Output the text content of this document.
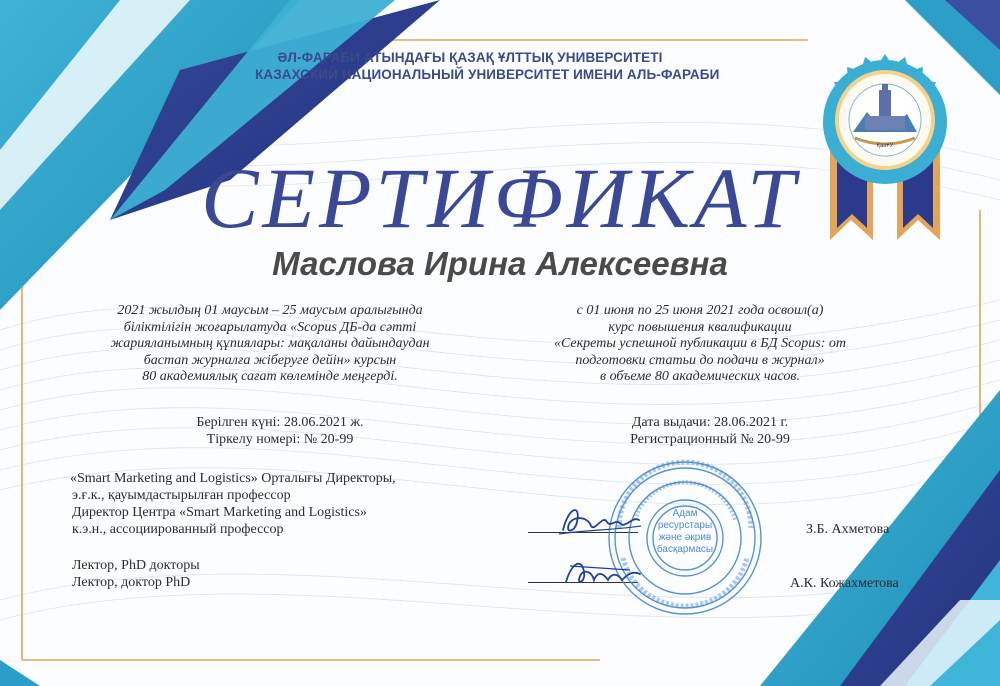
ҚазҰУ
ӘЛ-ФАРАБИ АТЫНДАҒЫ ҚАЗАҚ ҰЛТТЫҚ УНИВЕРСИТЕТІ
КАЗАХСКИЙ НАЦИОНАЛЬНЫЙ УНИВЕРСИТЕТ ИМЕНИ АЛЬ-ФАРАБИ
СЕРТИФИКАТ
Маслова Ирина Алексеевна
2021 жылдың 01 маусым – 25 маусым аралығында
біліктілігін жоғарылатуда «Scopus ДБ-да сәтті
жарияланымның құпиялары: мақаланы дайындаудан
бастап журналға жіберуге дейін» курсын
80 академиялық сағат көлемінде меңгерді.
с 01 июня по 25 июня 2021 года освоил(а)
курс повышения квалификации
«Секреты успешной публикации в БД Scopus: от
подготовки статьи до подачи в журнал»
в объеме 80 академических часов.
Берілген күні: 28.06.2021 ж.
Тіркелу номері: № 20-99
Дата выдачи: 28.06.2021 г.
Регистрационный № 20-99
«Smart Marketing and Logistics» Орталығы Директоры,
э.ғ.к., қауымдастырылған профессор
Директор Центра «Smart Marketing and Logistics»
к.э.н., ассоциированный профессор
Лектор, PhD докторы
Лектор, доктор PhD
Адам
ресурстары
және әкрив
басқармасы
З.Б. Ахметова
А.К. Кожахметова
